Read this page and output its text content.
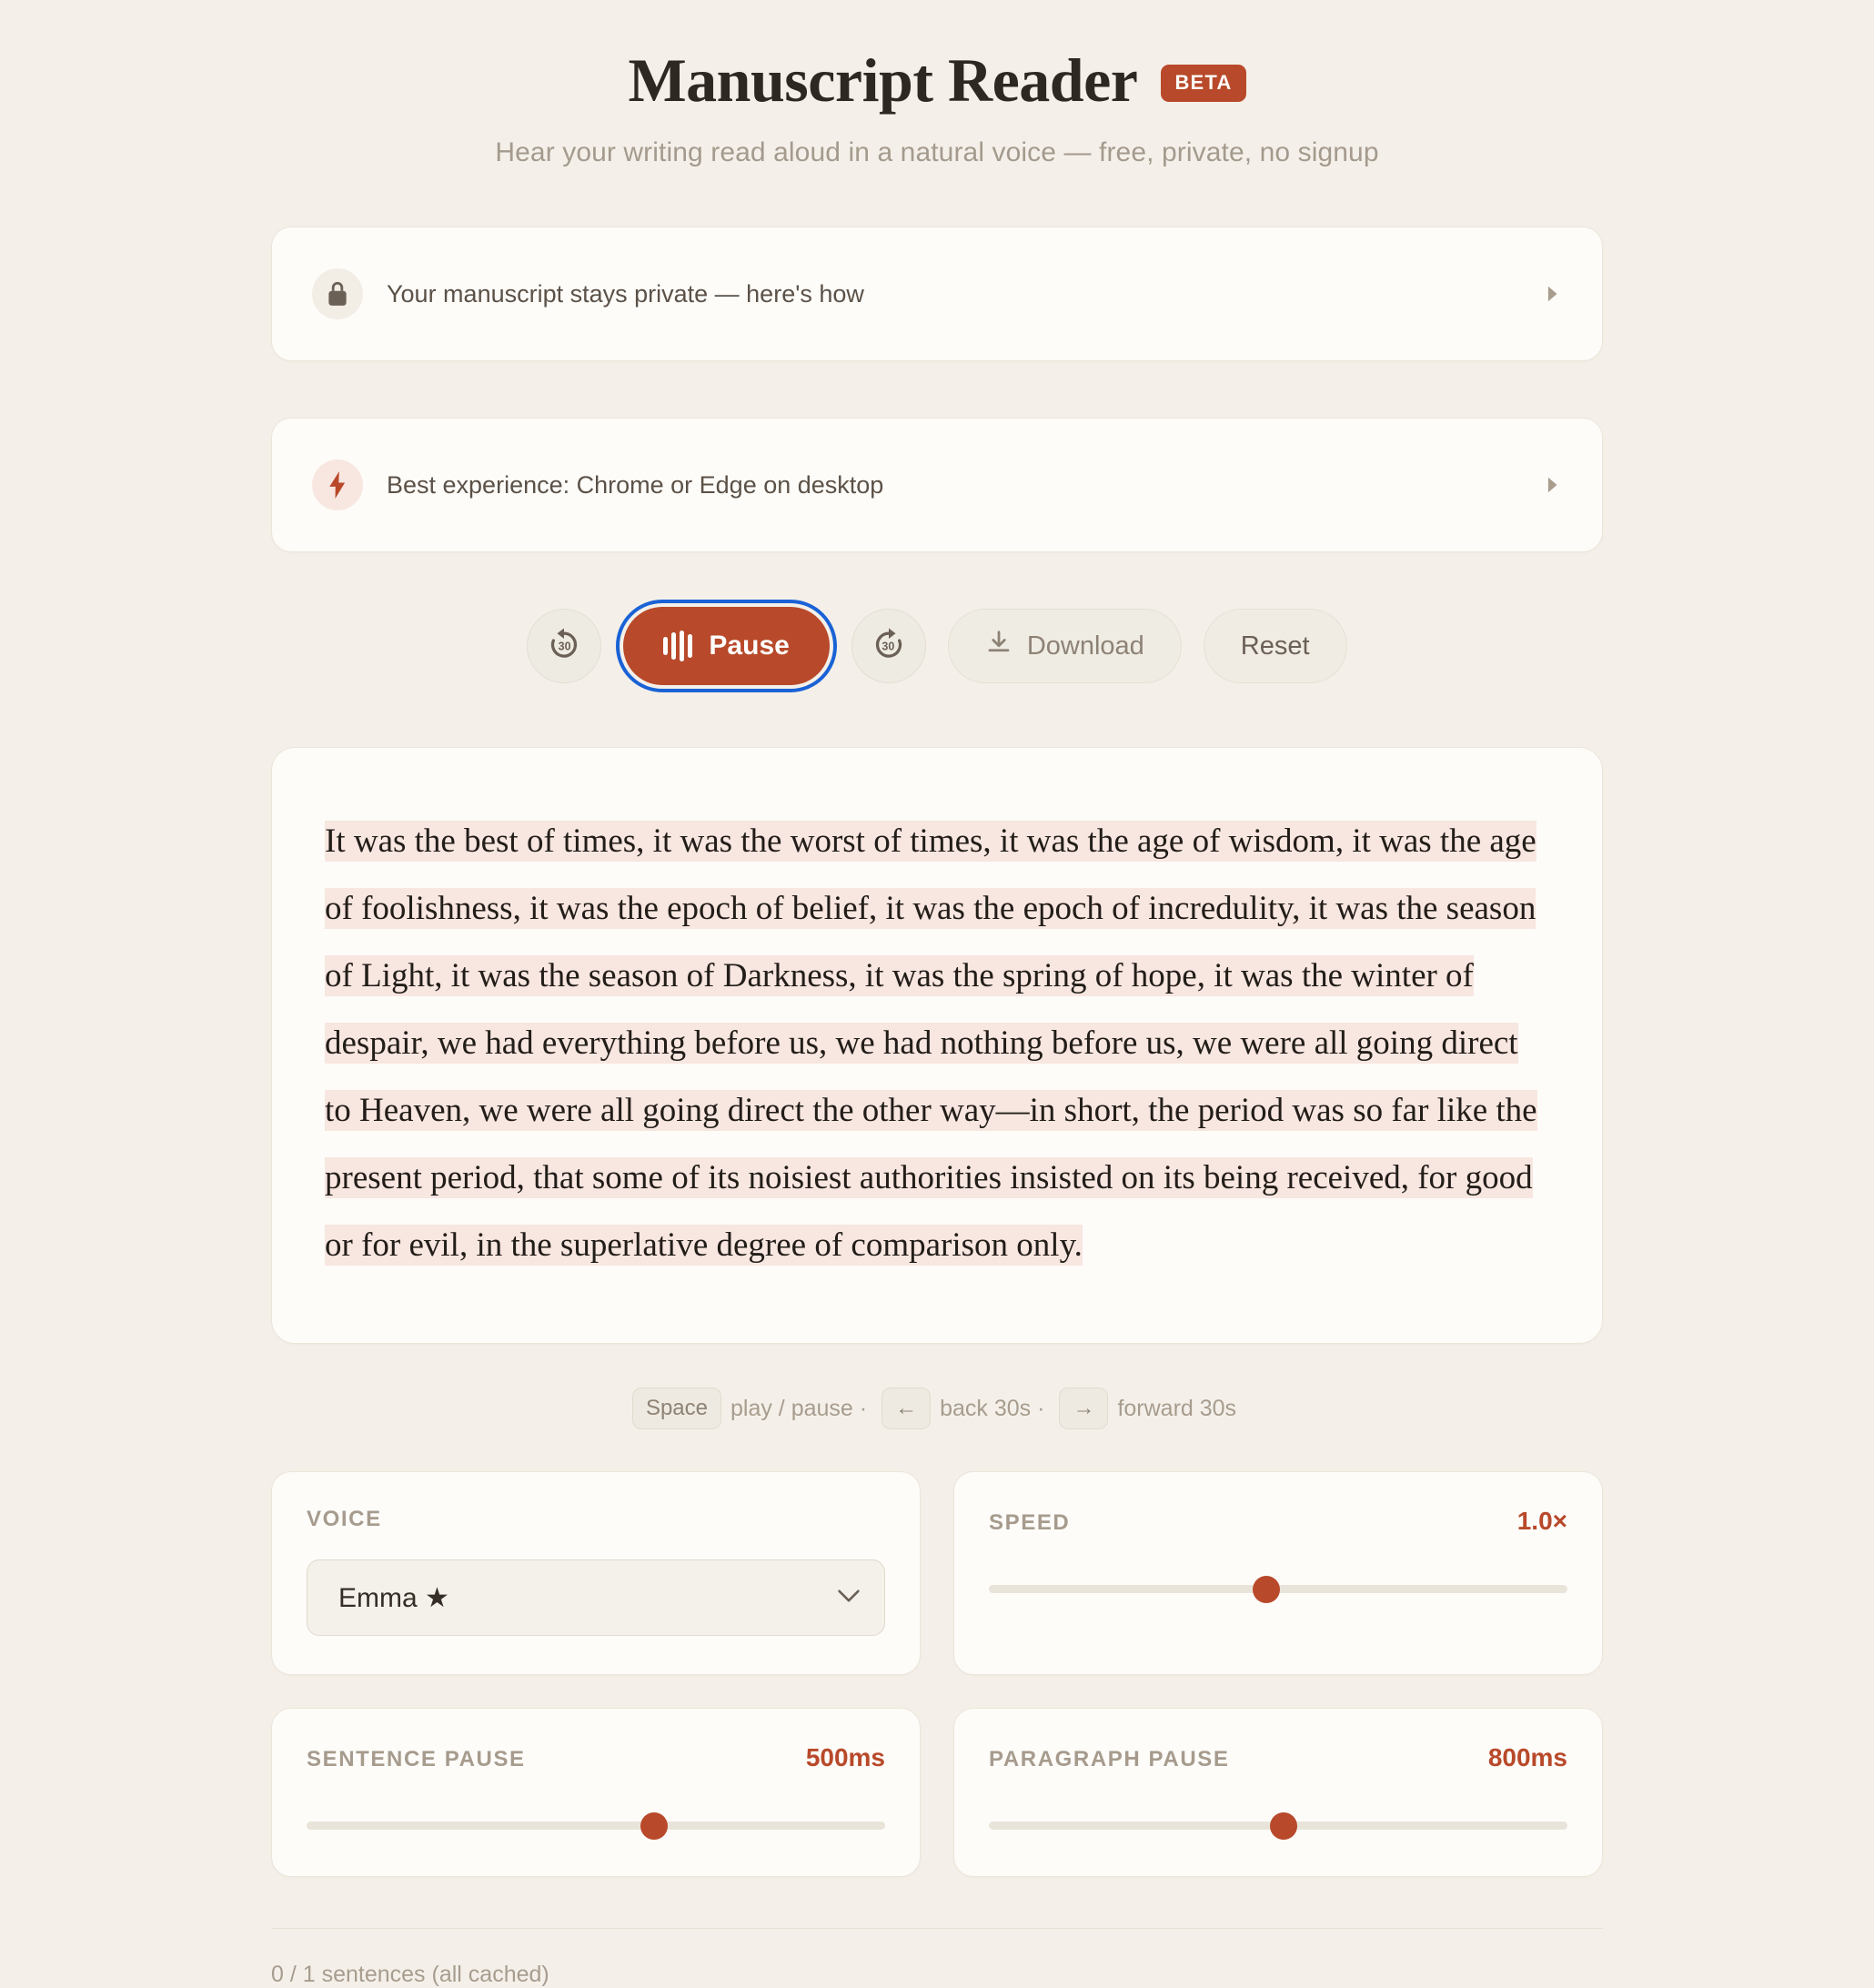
Manuscript Reader	BETA
Hear your writing read aloud in a natural voice — free, private, no signup
Your manuscript stays private — here's how
Best experience: Chrome or Edge on desktop
30	Pause	30	Download	Reset
It was the best of times, it was the worst of times, it was the age of wisdom, it was the age of foolishness, it was the epoch of belief, it was the epoch of incredulity, it was the season of Light, it was the season of Darkness, it was the spring of hope, it was the winter of despair, we had everything before us, we had nothing before us, we were all going direct to Heaven, we were all going direct the other way—in short, the period was so far like the present period, that some of its noisiest authorities insisted on its being received, for good or for evil, in the superlative degree of comparison only.
Space	play / pause ·	←	back 30s ·	→	forward 30s
VOICE
Emma ★
SPEED	1.0×
SENTENCE PAUSE	500ms	PARAGRAPH PAUSE	800ms
0 / 1 sentences (all cached)
